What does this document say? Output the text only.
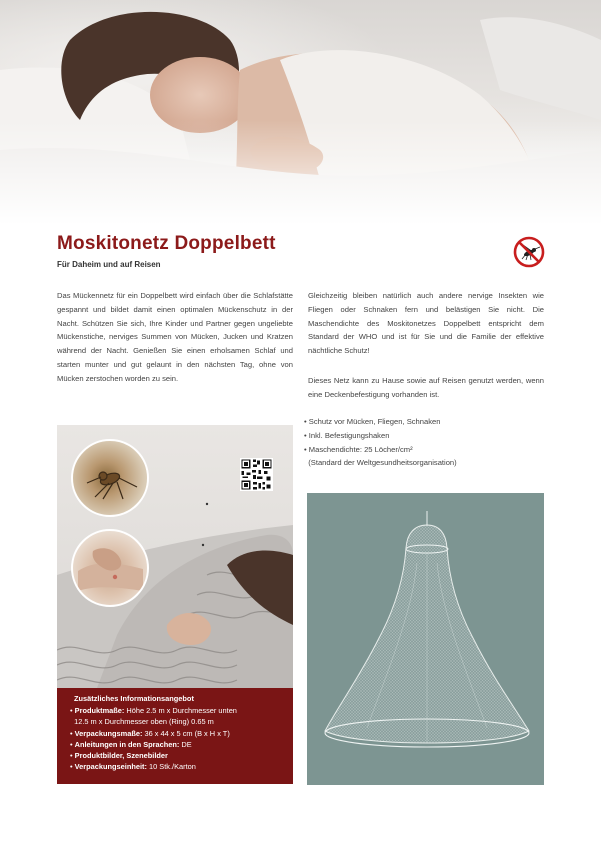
Moskitonetz Doppelbett

Für Daheim und auf Reisen

Das Mückennetz für ein Doppelbett wird einfach über die Schlafstätte gespannt und bildet damit einen optimalen Mückenschutz in der Nacht. Schützen Sie sich, Ihre Kinder und Partner gegen ungeliebte Mückenstiche, nerviges Summen von Mücken, Jucken und Kratzen während der Nacht. Genießen Sie einen erholsamen Schlaf und starten munter und gut gelaunt in den nächsten Tag, ohne von Mücken zerstochen worden zu sein.

Gleichzeitig bleiben natürlich auch andere nervige Insekten wie Fliegen oder Schnaken fern und belästigen Sie nicht. Die Maschendichte des Moskitonetzes Doppelbett entspricht dem Standard der WHO und ist für Sie und die Familie der effektive nächtliche Schutz!

Dieses Netz kann zu Hause sowie auf Reisen genutzt werden, wenn eine Deckenbefestigung vorhanden ist.

• Schutz vor Mücken, Fliegen, Schnaken
• Inkl. Befestigungshaken
• Maschendichte: 25 Löcher/cm²
(Standard der Weltgesundheitsorganisation)

Zusätzliches Informationsangebot

• Produktmaße: Höhe 2.5 m x Durchmesser unten
12.5 m x Durchmesser oben (Ring) 0.65 m
• Verpackungsmaße: 36 x 44 x 5 cm (B x H x T)
• Anleitungen in den Sprachen: DE
• Produktbilder, Szenebilder
• Verpackungseinheit: 10 Stk./Karton
